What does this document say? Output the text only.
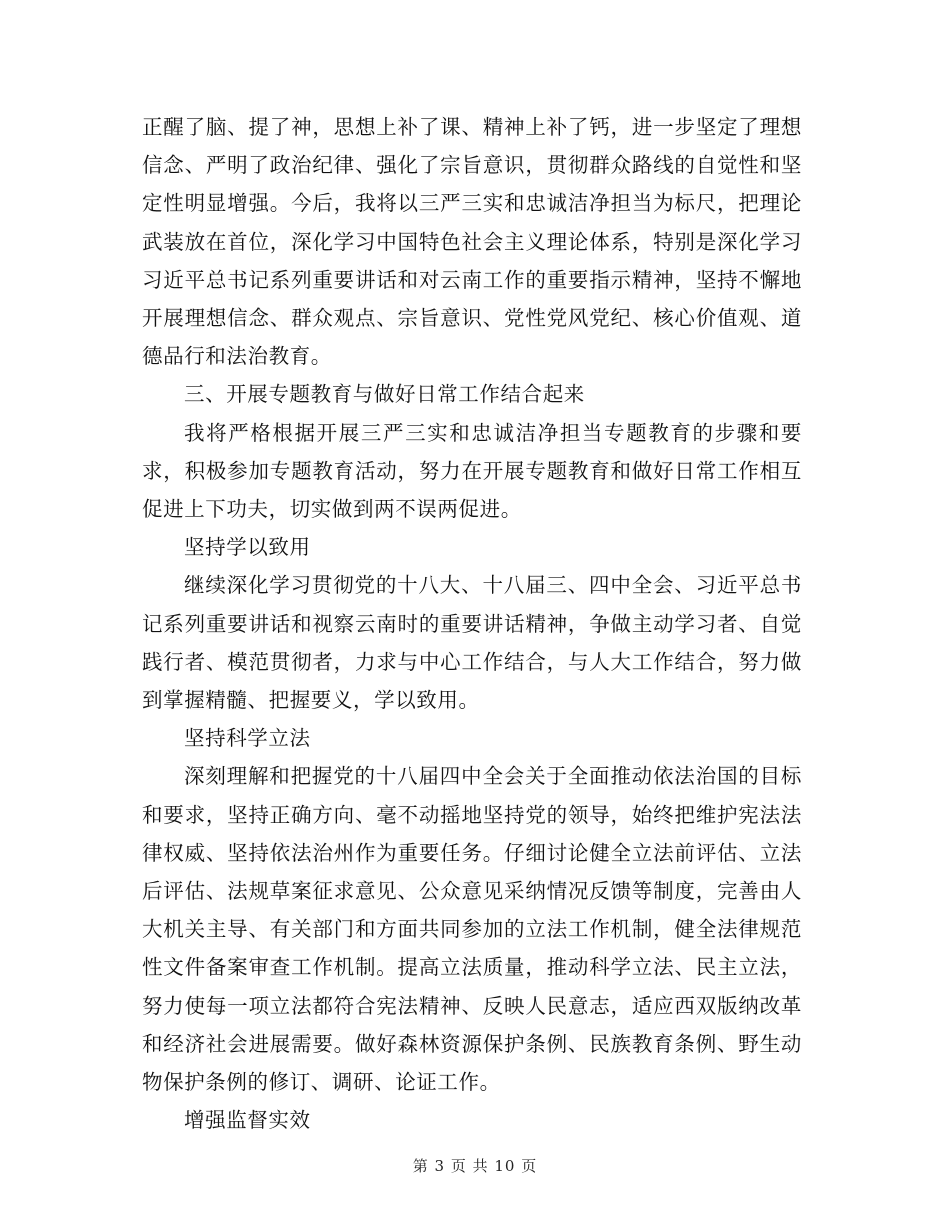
正醒了脑、提了神，思想上补了课、精神上补了钙，进一步坚定了理想信念、严明了政治纪律、强化了宗旨意识，贯彻群众路线的自觉性和坚定性明显增强。今后，我将以三严三实和忠诚洁净担当为标尺，把理论武装放在首位，深化学习中国特色社会主义理论体系，特别是深化学习习近平总书记系列重要讲话和对云南工作的重要指示精神，坚持不懈地开展理想信念、群众观点、宗旨意识、党性党风党纪、核心价值观、道德品行和法治教育。

三、开展专题教育与做好日常工作结合起来

我将严格根据开展三严三实和忠诚洁净担当专题教育的步骤和要求，积极参加专题教育活动，努力在开展专题教育和做好日常工作相互促进上下功夫，切实做到两不误两促进。

坚持学以致用

继续深化学习贯彻党的十八大、十八届三、四中全会、习近平总书记系列重要讲话和视察云南时的重要讲话精神，争做主动学习者、自觉践行者、模范贯彻者，力求与中心工作结合，与人大工作结合，努力做到掌握精髓、把握要义，学以致用。

坚持科学立法

深刻理解和把握党的十八届四中全会关于全面推动依法治国的目标和要求，坚持正确方向、毫不动摇地坚持党的领导，始终把维护宪法法律权威、坚持依法治州作为重要任务。仔细讨论健全立法前评估、立法后评估、法规草案征求意见、公众意见采纳情况反馈等制度，完善由人大机关主导、有关部门和方面共同参加的立法工作机制，健全法律规范性文件备案审查工作机制。提高立法质量，推动科学立法、民主立法，努力使每一项立法都符合宪法精神、反映人民意志，适应西双版纳改革和经济社会进展需要。做好森林资源保护条例、民族教育条例、野生动物保护条例的修订、调研、论证工作。

增强监督实效

第 3 页 共 10 页
